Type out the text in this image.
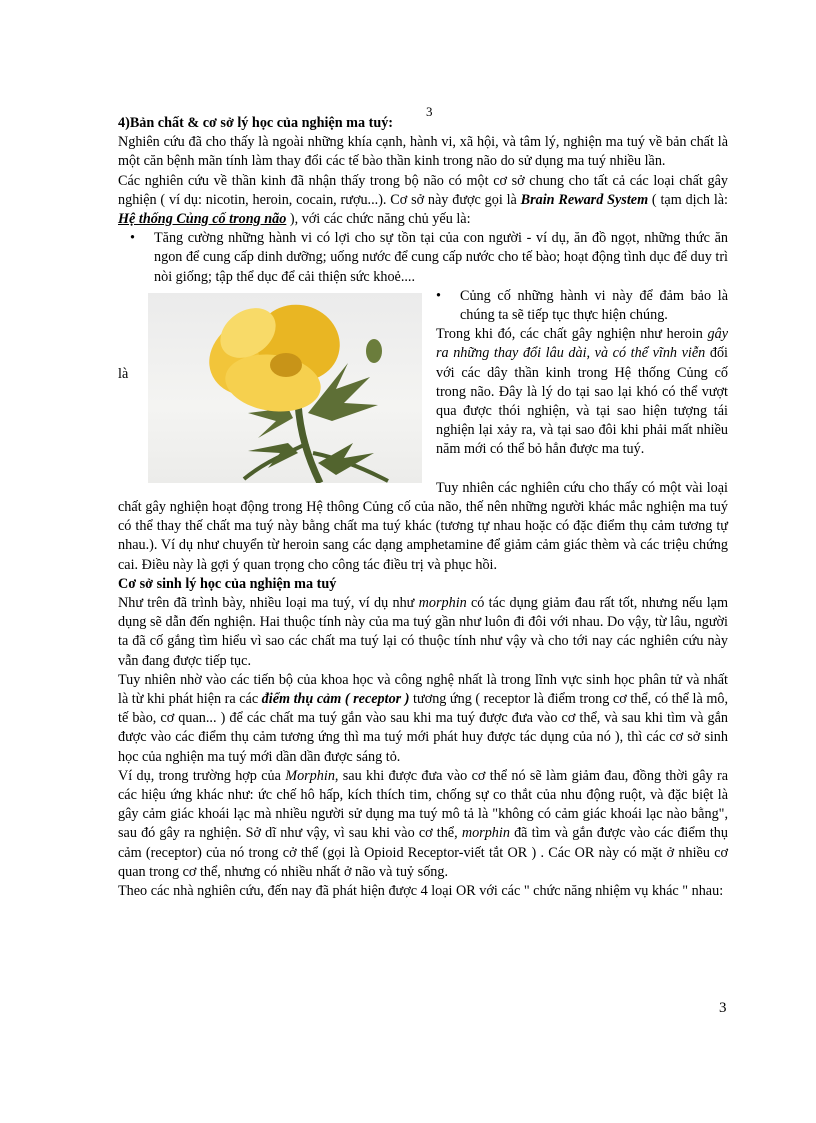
3

4)Bản chất & cơ sở lý học của nghiện ma tuý:

Nghiên cứu đã cho thấy là ngoài những khía cạnh, hành vi, xã hội, và tâm lý, nghiện ma tuý về bản chất là một căn bệnh mãn tính làm thay đổi các tế bào thần kinh trong não do sử dụng ma tuý nhiều lần.

Các nghiên cứu về thần kinh đã nhận thấy trong bộ não có một cơ sở chung cho tất cả các loại chất gây nghiện ( ví dụ: nicotin, heroin, cocain, rượu...). Cơ sở này được gọi là Brain Reward System ( tạm dịch là: Hệ thống Củng cố trong não ), với các chức năng chủ yếu là:

• Tăng cường những hành vi có lợi cho sự tồn tại của con người - ví dụ, ăn đồ ngọt, những thức ăn ngon để cung cấp dinh dưỡng; uống nước để cung cấp nước cho tế bào; hoạt động tình dục để duy trì nòi giống; tập thể dục để cải thiện sức khoẻ....
là
• Củng cố những hành vi này để đảm bảo là chúng ta sẽ tiếp tục thực hiện chúng.

Trong khi đó, các chất gây nghiện như heroin gây ra những thay đổi lâu dài, và có thể vĩnh viễn đối với các dây thần kinh trong Hệ thống Củng cố trong não. Đây là lý do tại sao lại khó có thể vượt qua được thói nghiện, và tại sao hiện tượng tái nghiện lại xảy ra, và tại sao đôi khi phải mất nhiều năm mới có thể bỏ hẳn được ma tuý.

Tuy nhiên các nghiên cứu cho thấy có một vài loại chất gây nghiện hoạt động trong Hệ thông Củng cố của não, thế nên những người khác mắc nghiện ma tuý có thể thay thế chất ma tuý này bằng chất ma tuý khác (tương tự nhau hoặc có đặc điểm thụ cảm tương tự nhau.). Ví dụ như chuyển từ heroin sang các dạng amphetamine để giảm cảm giác thèm và các triệu chứng cai. Điều này là gợi ý quan trọng cho công tác điều trị và phục hồi.

Cơ sở sinh lý học của nghiện ma tuý

Như trên đã trình bày, nhiều loại ma tuý, ví dụ như morphin có tác dụng giảm đau rất tốt, nhưng nếu lạm dụng sẽ dẫn đến nghiện. Hai thuộc tính này của ma tuý gần như luôn đi đôi với nhau. Do vậy, từ lâu, người ta đã cố gắng tìm hiểu vì sao các chất ma tuý lại có thuộc tính như vậy và cho tới nay các nghiên cứu này vẫn đang được tiếp tục.

Tuy nhiên nhờ vào các tiến bộ của khoa học và công nghệ nhất là trong lĩnh vực sinh học phân tử và nhất là từ khi phát hiện ra các điểm thụ cảm ( receptor ) tương ứng ( receptor là điểm trong cơ thể, có thể là mô, tế bào, cơ quan... ) để các chất ma tuý gắn vào sau khi ma tuý được đưa vào cơ thể, và sau khi tìm và gắn được vào các điểm thụ cảm tương ứng thì ma tuý mới phát huy được tác dụng của nó ), thì các cơ sở sinh học của nghiện ma tuý mới dần dần được sáng tỏ.

Ví dụ, trong trường hợp của Morphin, sau khi được đưa vào cơ thể nó sẽ làm giảm đau, đồng thời gây ra các hiệu ứng khác như: ức chế hô hấp, kích thích tim, chống sự co thắt của nhu động ruột, và đặc biệt là gây cảm giác khoái lạc mà nhiều người sử dụng ma tuý mô tả là "không có cảm giác khoái lạc nào bằng", sau đó gây ra nghiện. Sở dĩ như vậy, vì sau khi vào cơ thể, morphin đã tìm và gắn được vào các điểm thụ cảm (receptor) của nó trong cở thể (gọi là Opioid Receptor-viết tắt OR ) . Các OR này có mặt ở nhiều cơ quan trong cơ thể, nhưng có nhiều nhất ở não và tuỷ sống.

Theo các nhà nghiên cứu, đến nay đã phát hiện được 4 loại OR với các " chức năng nhiệm vụ khác " nhau:

3
